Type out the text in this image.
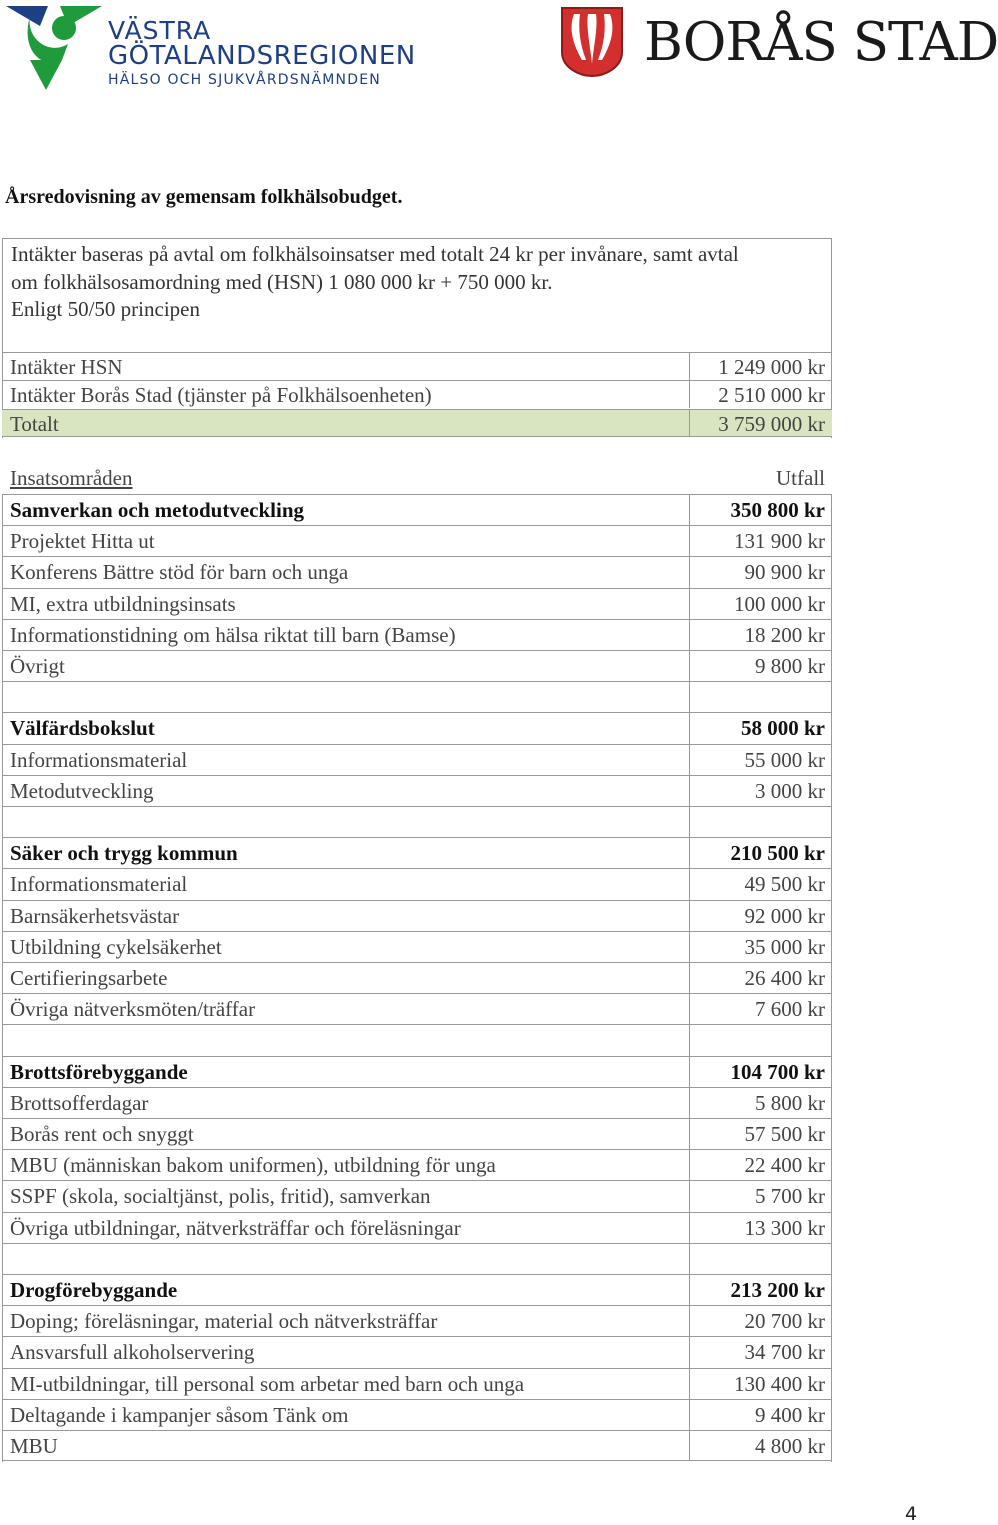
VÄSTRA
GÖTALANDSREGIONEN
HÄLSO OCH SJUKVÅRDSNÄMNDEN
BORÅS STAD
Årsredovisning av gemensam folkhälsobudget.
Intäkter baseras på avtal om folkhälsoinsatser med totalt 24 kr per invånare, samt avtal
om folkhälsosamordning med (HSN) 1 080 000 kr + 750 000 kr.
Enligt 50/50 principen
Intäkter HSN	1 249 000 kr
Intäkter Borås Stad (tjänster på Folkhälsoenheten)	2 510 000 kr
Totalt	3 759 000 kr
Insatsområden	Utfall
Samverkan och metodutveckling	350 800 kr
Projektet Hitta ut	131 900 kr
Konferens Bättre stöd för barn och unga	90 900 kr
MI, extra utbildningsinsats	100 000 kr
Informationstidning om hälsa riktat till barn (Bamse)	18 200 kr
Övrigt	9 800 kr
Välfärdsbokslut	58 000 kr
Informationsmaterial	55 000 kr
Metodutveckling	3 000 kr
Säker och trygg kommun	210 500 kr
Informationsmaterial	49 500 kr
Barnsäkerhetsvästar	92 000 kr
Utbildning cykelsäkerhet	35 000 kr
Certifieringsarbete	26 400 kr
Övriga nätverksmöten/träffar	7 600 kr
Brottsförebyggande	104 700 kr
Brottsofferdagar	5 800 kr
Borås rent och snyggt	57 500 kr
MBU (människan bakom uniformen), utbildning för unga	22 400 kr
SSPF (skola, socialtjänst, polis, fritid), samverkan	5 700 kr
Övriga utbildningar, nätverksträffar och föreläsningar	13 300 kr
Drogförebyggande	213 200 kr
Doping; föreläsningar, material och nätverksträffar	20 700 kr
Ansvarsfull alkoholservering	34 700 kr
MI-utbildningar, till personal som arbetar med barn och unga	130 400 kr
Deltagande i kampanjer såsom Tänk om	9 400 kr
MBU	4 800 kr
4
